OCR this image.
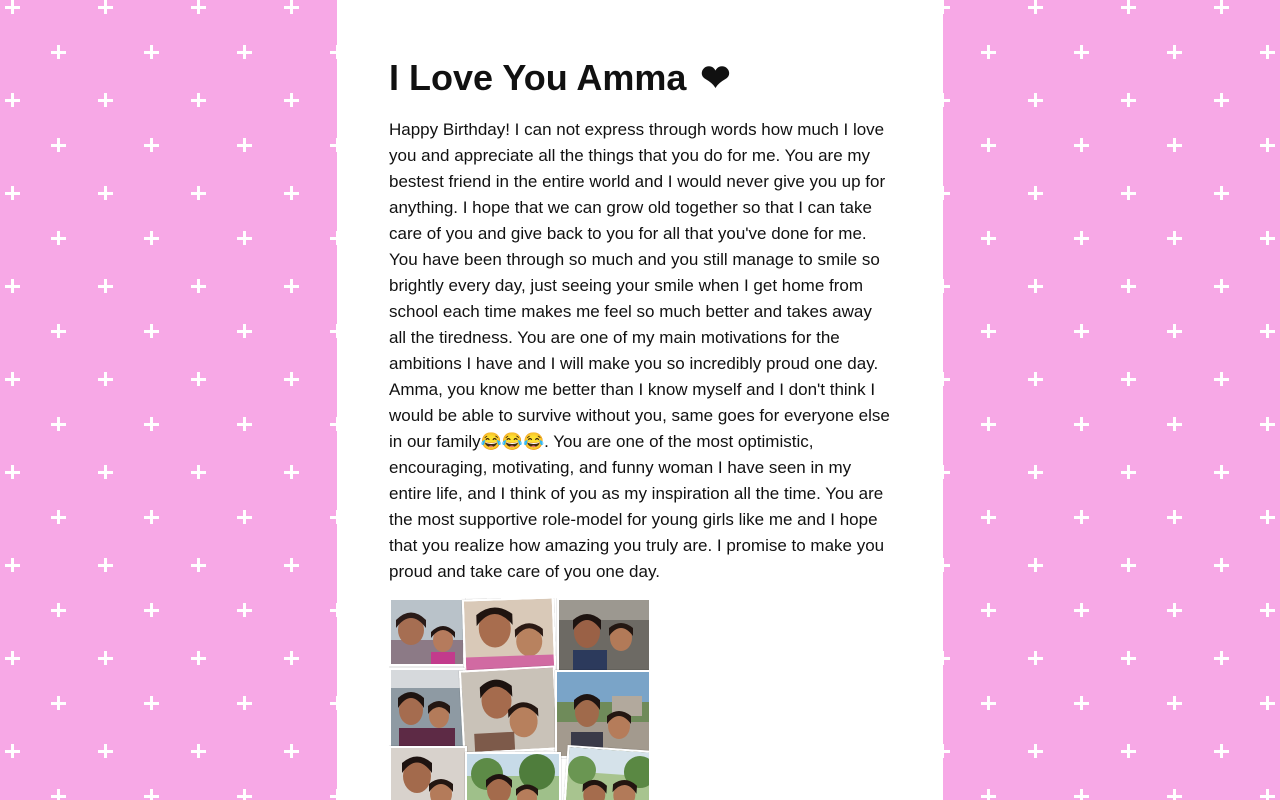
I Love You Amma ❤

Happy Birthday! I can not express through words how much I love you and appreciate all the things that you do for me. You are my bestest friend in the entire world and I would never give you up for anything. I hope that we can grow old together so that I can take care of you and give back to you for all that you've done for me. You have been through so much and you still manage to smile so brightly every day, just seeing your smile when I get home from school each time makes me feel so much better and takes away all the tiredness. You are one of my main motivations for the ambitions I have and I will make you so incredibly proud one day. Amma, you know me better than I know myself and I don't think I would be able to survive without you, same goes for everyone else in our family😂😂😂. You are one of the most optimistic, encouraging, motivating, and funny woman I have seen in my entire life, and I think of you as my inspiration all the time. You are the most supportive role-model for young girls like me and I hope that you realize how amazing you truly are. I promise to make you proud and take care of you one day.
